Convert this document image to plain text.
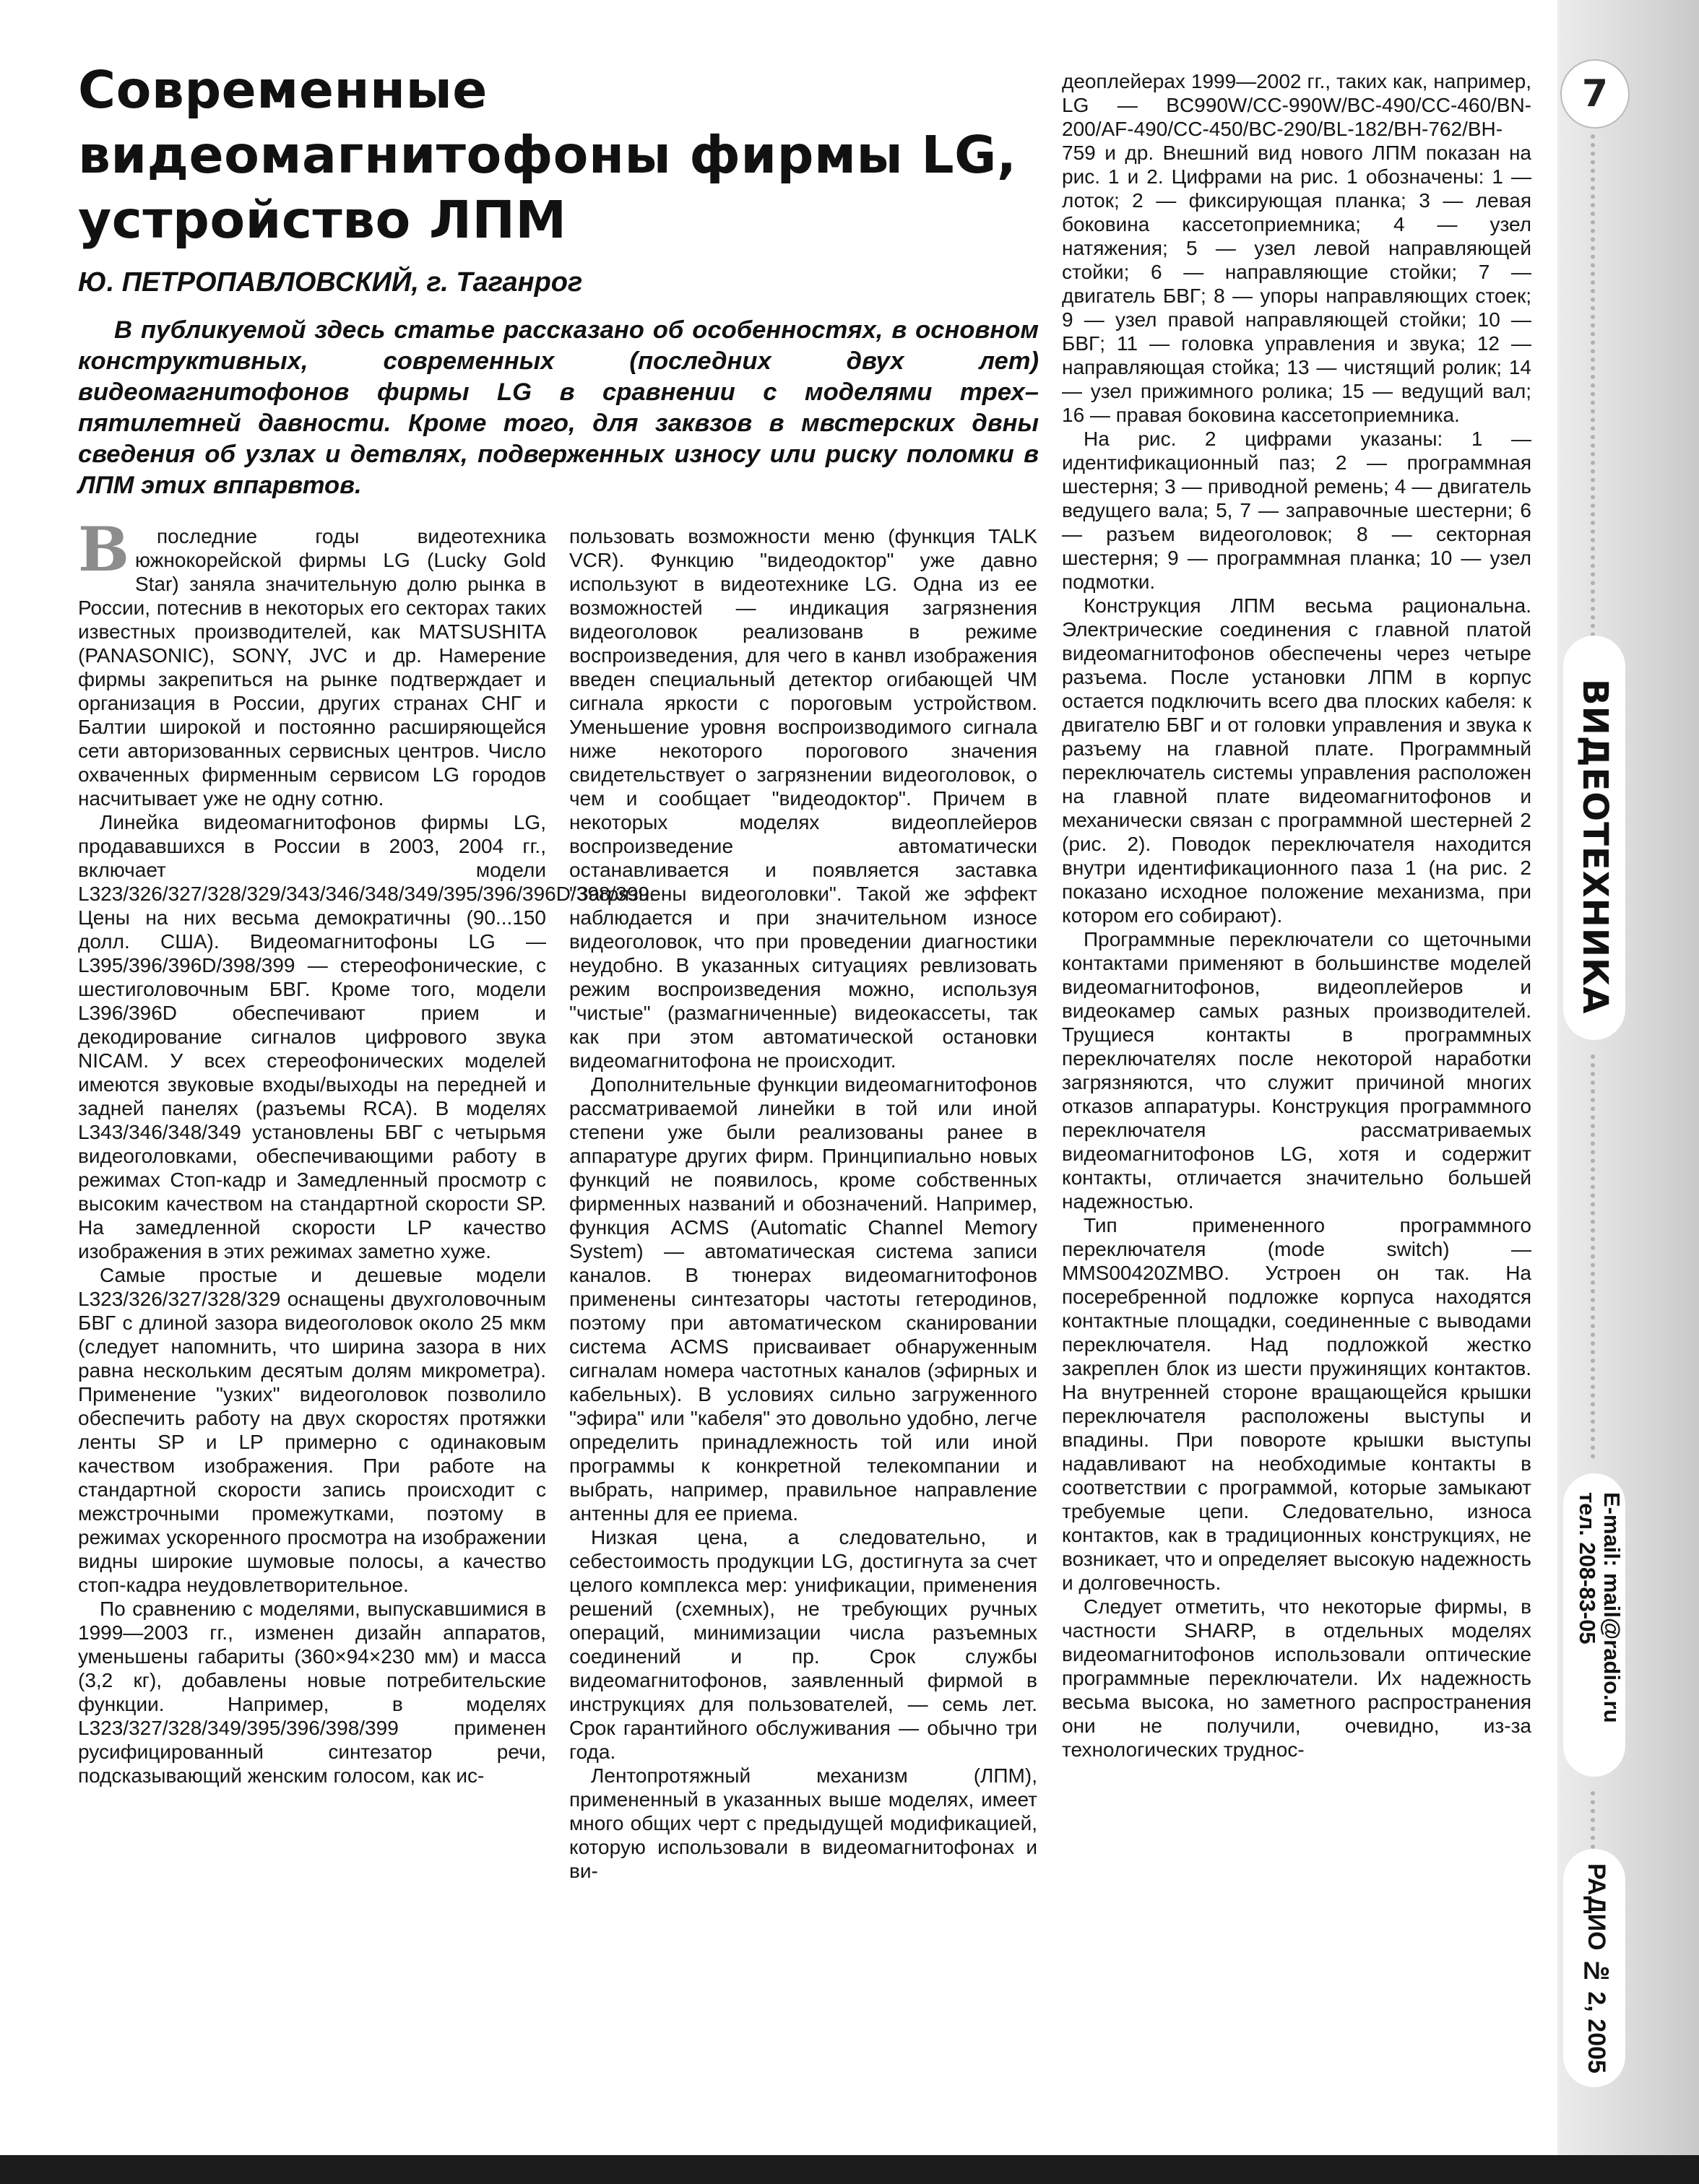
Современные
видеомагнитофоны фирмы LG,
устройство ЛПМ

Ю. ПЕТРОПАВЛОВСКИЙ, г. Таганрог

В публикуемой здесь статье рассказано об особенностях, в основном конструктивных, современных (последних двух лет) видеомагнитофонов фирмы LG в сравнении с моделями трех–пятилетней давности. Кроме того, для заквзов в мвстерских двны сведения об узлах и детвлях, подверженных износу или риску поломки в ЛПМ этих вппарвтов.

В последние годы видеотехника южнокорейской фирмы LG (Lucky Gold Star) заняла значительную долю рынка в России, потеснив в некоторых его секторах таких известных производителей, как MATSUSHITA (PANASONIC), SONY, JVC и др. Намерение фирмы закрепиться на рынке подтверждает и организация в России, других странах СНГ и Балтии широкой и постоянно расширяющейся сети авторизованных сервисных центров. Число охваченных фирменным сервисом LG городов насчитывает уже не одну сотню.

Линейка видеомагнитофонов фирмы LG, продававшихся в России в 2003, 2004 гг., включает модели L323/326/327/328/329/343/346/348/349/395/396/396D/398/399. Цены на них весьма демократичны (90...150 долл. США). Видеомагнитофоны LG — L395/396/396D/398/399 — стереофонические, с шестиголовочным БВГ. Кроме того, модели L396/396D обеспечивают прием и декодирование сигналов цифрового звука NICAM. У всех стереофонических моделей имеются звуковые входы/выходы на передней и задней панелях (разъемы RCA). В моделях L343/346/348/349 установлены БВГ с четырьмя видеоголовками, обеспечивающими работу в режимах Стоп-кадр и Замедленный просмотр с высоким качеством на стандартной скорости SP. На замедленной скорости LP качество изображения в этих режимах заметно хуже.

Самые простые и дешевые модели L323/326/327/328/329 оснащены двухголовочным БВГ с длиной зазора видеоголовок около 25 мкм (следует напомнить, что ширина зазора в них равна нескольким десятым долям микрометра). Применение "узких" видеоголовок позволило обеспечить работу на двух скоростях протяжки ленты SP и LP примерно с одинаковым качеством изображения. При работе на стандартной скорости запись происходит с межстрочными промежутками, поэтому в режимах ускоренного просмотра на изображении видны широкие шумовые полосы, а качество стоп-кадра неудовлетворительное.

По сравнению с моделями, выпускавшимися в 1999—2003 гг., изменен дизайн аппаратов, уменьшены габариты (360×94×230 мм) и масса (3,2 кг), добавлены новые потребительские функции. Например, в моделях L323/327/328/349/395/396/398/399 применен русифицированный синтезатор речи, подсказывающий женским голосом, как ис-

пользовать возможности меню (функция TALK VCR). Функцию "видеодоктор" уже давно используют в видеотехнике LG. Одна из ее возможностей — индикация загрязнения видеоголовок реализованв в режиме воспроизведения, для чего в канвл изображения введен специальный детектор огибающей ЧМ сигнала яркости с пороговым устройством. Уменьшение уровня воспроизводимого сигнала ниже некоторого порогового значения свидетельствует о загрязнении видеоголовок, о чем и сообщает "видеодоктор". Причем в некоторых моделях видеоплейеров воспроизведение автоматически останавливается и появляется заставка "Загрязнены видеоголовки". Такой же эффект наблюдается и при значительном износе видеоголовок, что при проведении диагностики неудобно. В указанных ситуациях ревлизовать режим воспроизведения можно, используя "чистые" (размагниченные) видеокассеты, так как при этом автоматической остановки видеомагнитофона не происходит.

Дополнительные функции видеомагнитофонов рассматриваемой линейки в той или иной степени уже были реализованы ранее в аппаратуре других фирм. Принципиально новых функций не появилось, кроме собственных фирменных названий и обозначений. Например, функция ACMS (Automatic Channel Memory System) — автоматическая система записи каналов. В тюнерах видеомагнитофонов применены синтезаторы частоты гетеродинов, поэтому при автоматическом сканировании система ACMS присваивает обнаруженным сигналам номера частотных каналов (эфирных и кабельных). В условиях сильно загруженного "эфира" или "кабеля" это довольно удобно, легче определить принадлежность той или иной программы к конкретной телекомпании и выбрать, например, правильное направление антенны для ее приема.

Низкая цена, а следовательно, и себестоимость продукции LG, достигнута за счет целого комплекса мер: унификации, применения решений (схемных), не требующих ручных операций, минимизации числа разъемных соединений и пр. Срок службы видеомагнитофонов, заявленный фирмой в инструкциях для пользователей, — семь лет. Срок гарантийного обслуживания — обычно три года.

Лентопротяжный механизм (ЛПМ), примененный в указанных выше моделях, имеет много общих черт с предыдущей модификацией, которую использовали в видеомагнитофонах и ви-

деоплейерах 1999—2002 гг., таких как, например, LG — BC990W/CC-990W/BC-490/CC-460/BN-200/AF-490/CC-450/BC-290/BL-182/BH-762/BH-759 и др. Внешний вид нового ЛПМ показан на рис. 1 и 2. Цифрами на рис. 1 обозначены: 1 — лоток; 2 — фиксирующая планка; 3 — левая боковина кассетоприемника; 4 — узел натяжения; 5 — узел левой направляющей стойки; 6 — направляющие стойки; 7 — двигатель БВГ; 8 — упоры направляющих стоек; 9 — узел правой направляющей стойки; 10 — БВГ; 11 — головка управления и звука; 12 — направляющая стойка; 13 — чистящий ролик; 14 — узел прижимного ролика; 15 — ведущий вал; 16 — правая боковина кассетоприемника.

На рис. 2 цифрами указаны: 1 — идентификационный паз; 2 — программная шестерня; 3 — приводной ремень; 4 — двигатель ведущего вала; 5, 7 — заправочные шестерни; 6 — разъем видеоголовок; 8 — секторная шестерня; 9 — программная планка; 10 — узел подмотки.

Конструкция ЛПМ весьма рациональна. Электрические соединения с главной платой видеомагнитофонов обеспечены через четыре разъема. После установки ЛПМ в корпус остается подключить всего два плоских кабеля: к двигателю БВГ и от головки управления и звука к разъему на главной плате. Программный переключатель системы управления расположен на главной плате видеомагнитофонов и механически связан с программной шестерней 2 (рис. 2). Поводок переключателя находится внутри идентификационного паза 1 (на рис. 2 показано исходное положение механизма, при котором его собирают).

Программные переключатели со щеточными контактами применяют в большинстве моделей видеомагнитофонов, видеоплейеров и видеокамер самых разных производителей. Трущиеся контакты в программных переключателях после некоторой наработки загрязняются, что служит причиной многих отказов аппаратуры. Конструкция программного переключателя рассматриваемых видеомагнитофонов LG, хотя и содержит контакты, отличается значительно большей надежностью.

Тип примененного программного переключателя (mode switch) — MMS00420ZMBO. Устроен он так. На посеребренной подложке корпуса находятся контактные площадки, соединенные с выводами переключателя. Над подложкой жестко закреплен блок из шести пружинящих контактов. На внутренней стороне вращающейся крышки переключателя расположены выступы и впадины. При повороте крышки выступы надавливают на необходимые контакты в соответствии с программой, которые замыкают требуемые цепи. Следовательно, износа контактов, как в традиционных конструкциях, не возникает, что и определяет высокую надежность и долговечность.

Следует отметить, что некоторые фирмы, в частности SHARP, в отдельных моделях видеомагнитофонов использовали оптические программные переключатели. Их надежность весьма высока, но заметного распространения они не получили, очевидно, из-за технологических труднос-

7

ВИДЕОТЕХНИКА

E-mail: mail@radio.ru
тел. 208-83-05

РАДИО № 2, 2005
